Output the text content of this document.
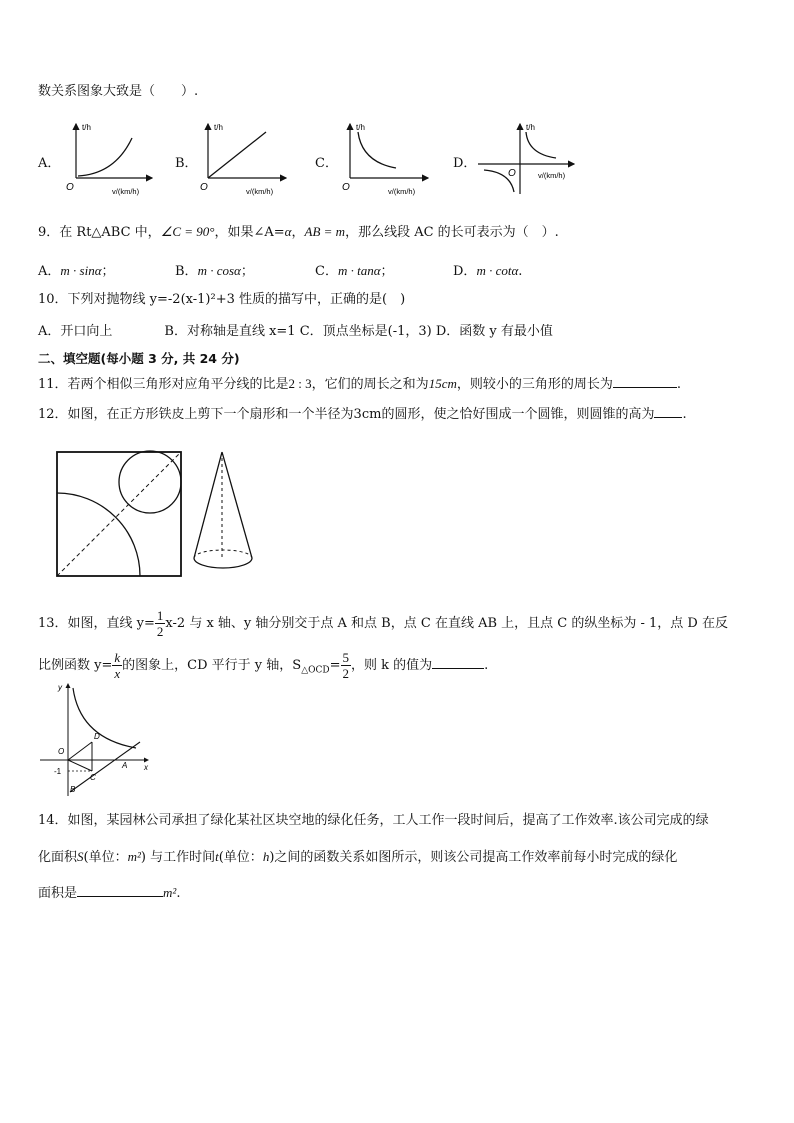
数关系图象大致是（　　）.
A．	B．	C．	D．
t/h
O	v/(km/h)
t/h
O	v/(km/h)
t/h
O	v/(km/h)
t/h
O	v/(km/h)
9．在 Rt△ABC 中，∠C = 90°，如果∠A=α，AB = m，那么线段 AC 的长可表示为（　）.
A．m · sinα；	B．m · cosα；	C．m · tanα；	D．m · cotα.
10．下列对抛物线 y=-2(x-1)²+3 性质的描写中，正确的是(　)
A．开口向上　　　　B．对称轴是直线 x=1 C．顶点坐标是(-1，3) D．函数 y 有最小值
二、填空题(每小题 3 分, 共 24 分)
11．若两个相似三角形对应角平分线的比是2 : 3，它们的周长之和为15cm，则较小的三角形的周长为	.
12．如图，在正方形铁皮上剪下一个扇形和一个半径为3cm的圆形，使之恰好围成一个圆锥，则圆锥的高为 .
13．如图，直线 $y= \frac{1}{2} x-2$ 与 x 轴、y 轴分别交于点 A 和点 B，点 C 在直线 AB 上，且点 C 的纵坐标为 - 1，点 D 在反
比例函数 $y= \frac{k}{x}$ 的图象上，CD 平行于 y 轴，$S_{\triangle OCD}= \frac{5}{2}$ ，则 k 的值为	.
y
x
O
D
C
A
B
-1
14．如图，某园林公司承担了绿化某社区块空地的绿化任务，工人工作一段时间后，提高了工作效率.该公司完成的绿
化面积S(单位：m²) 与工作时间t(单位：h)之间的函数关系如图所示，则该公司提高工作效率前每小时完成的绿化
面积是	m².
